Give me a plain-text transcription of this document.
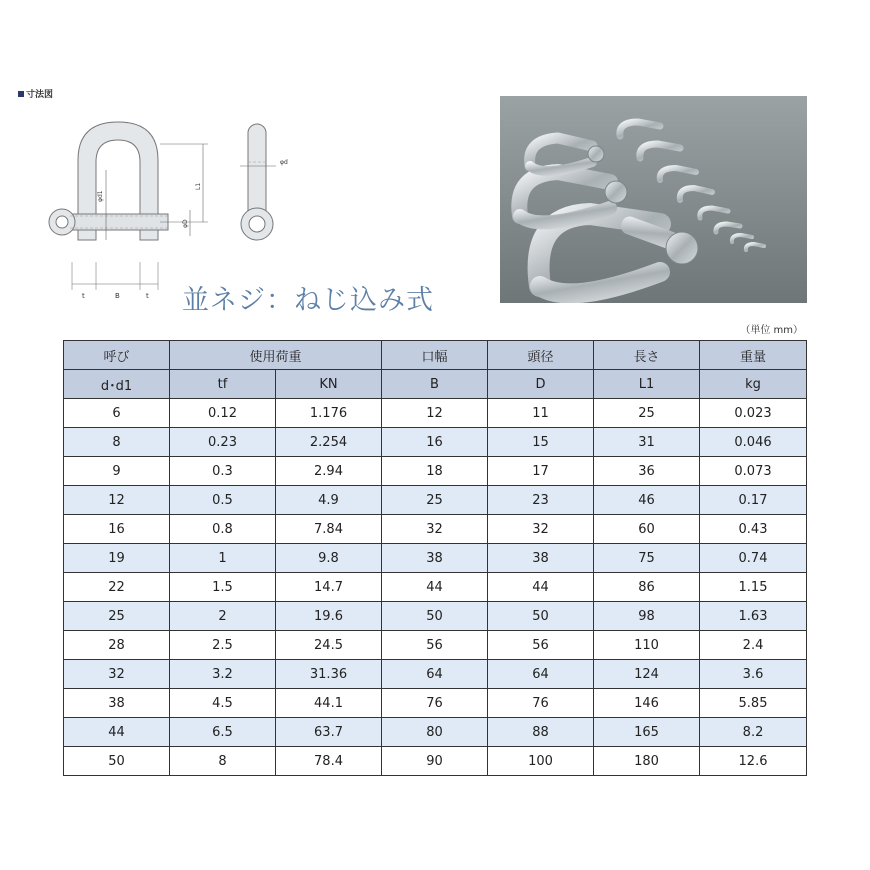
寸法図
φd1
L1
φD
t	B	t
φd
並ネジ：ねじ込み式
（単位 mm）
呼び	使用荷重		口幅	頭径	長さ	重量
d･d1	tf	KN	B	D	L1	kg
6	0.12	1.176	12	11	25	0.023
8	0.23	2.254	16	15	31	0.046
9	0.3	2.94	18	17	36	0.073
12	0.5	4.9	25	23	46	0.17
16	0.8	7.84	32	32	60	0.43
19	1	9.8	38	38	75	0.74
22	1.5	14.7	44	44	86	1.15
25	2	19.6	50	50	98	1.63
28	2.5	24.5	56	56	110	2.4
32	3.2	31.36	64	64	124	3.6
38	4.5	44.1	76	76	146	5.85
44	6.5	63.7	80	88	165	8.2
50	8	78.4	90	100	180	12.6
